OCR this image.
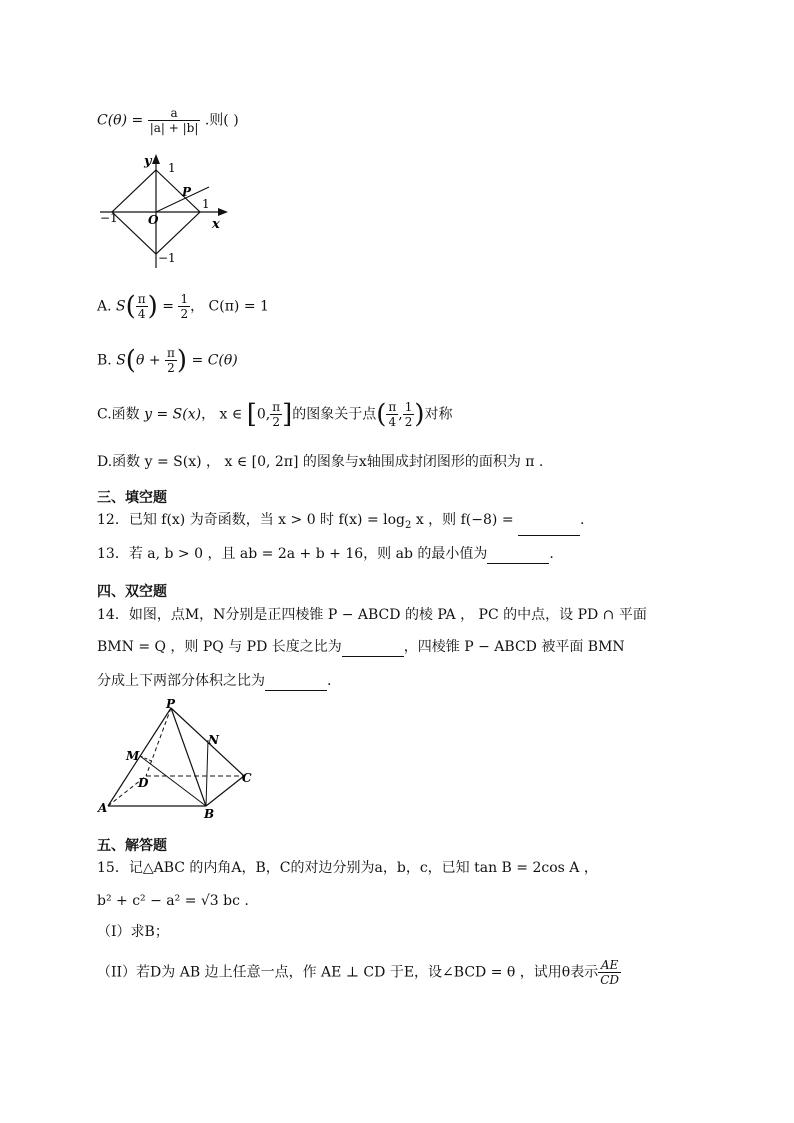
$C(\theta) = \frac{a}{|a| + |b|}$ .则( )
y 1
P
1
−1	O	x
−1
A. $S( \frac{\pi}{4}$ ) = $\frac{1}{2}$ ， C(π) = 1
B. $S(\theta + \frac{\pi}{2}$ ) = C(θ)
C.函数 y = S(x)， x ∈ [0, $\frac{\pi}{2}$ ]的图象关于点( $\frac{\pi}{4}$ , $\frac{1}{2}$ )对称
D.函数 y = S(x) ， x ∈ [0, 2π] 的图象与x轴围成封闭图形的面积为 π .
三、填空题
12．已知 f(x) 为奇函数，当 x > 0 时 $f(x) = \log_2 x$ ，则 f(−8) =	.
13．若 a, b > 0 ，且 ab = 2a + b + 16，则 ab 的最小值为	.
四、双空题
14．如图，点M，N分别是正四棱锥 P − ABCD 的棱 PA ， PC 的中点，设 PD ∩ 平面
BMN = Q ，则 PQ 与 PD 长度之比为	，四棱锥 P − ABCD 被平面 BMN
分成上下两部分体积之比为	.
P
M
N
D	C
A	B
五、解答题
15．记△ABC 的内角A，B，C的对边分别为a，b，c，已知 tan B = 2cos A ，
b² + c² − a² = √3 bc .
（I）求B；
（II）若D为 AB 边上任意一点，作 AE ⊥ CD 于E，设∠BCD = θ ，试用θ表示 $\frac{AE}{CD}$
